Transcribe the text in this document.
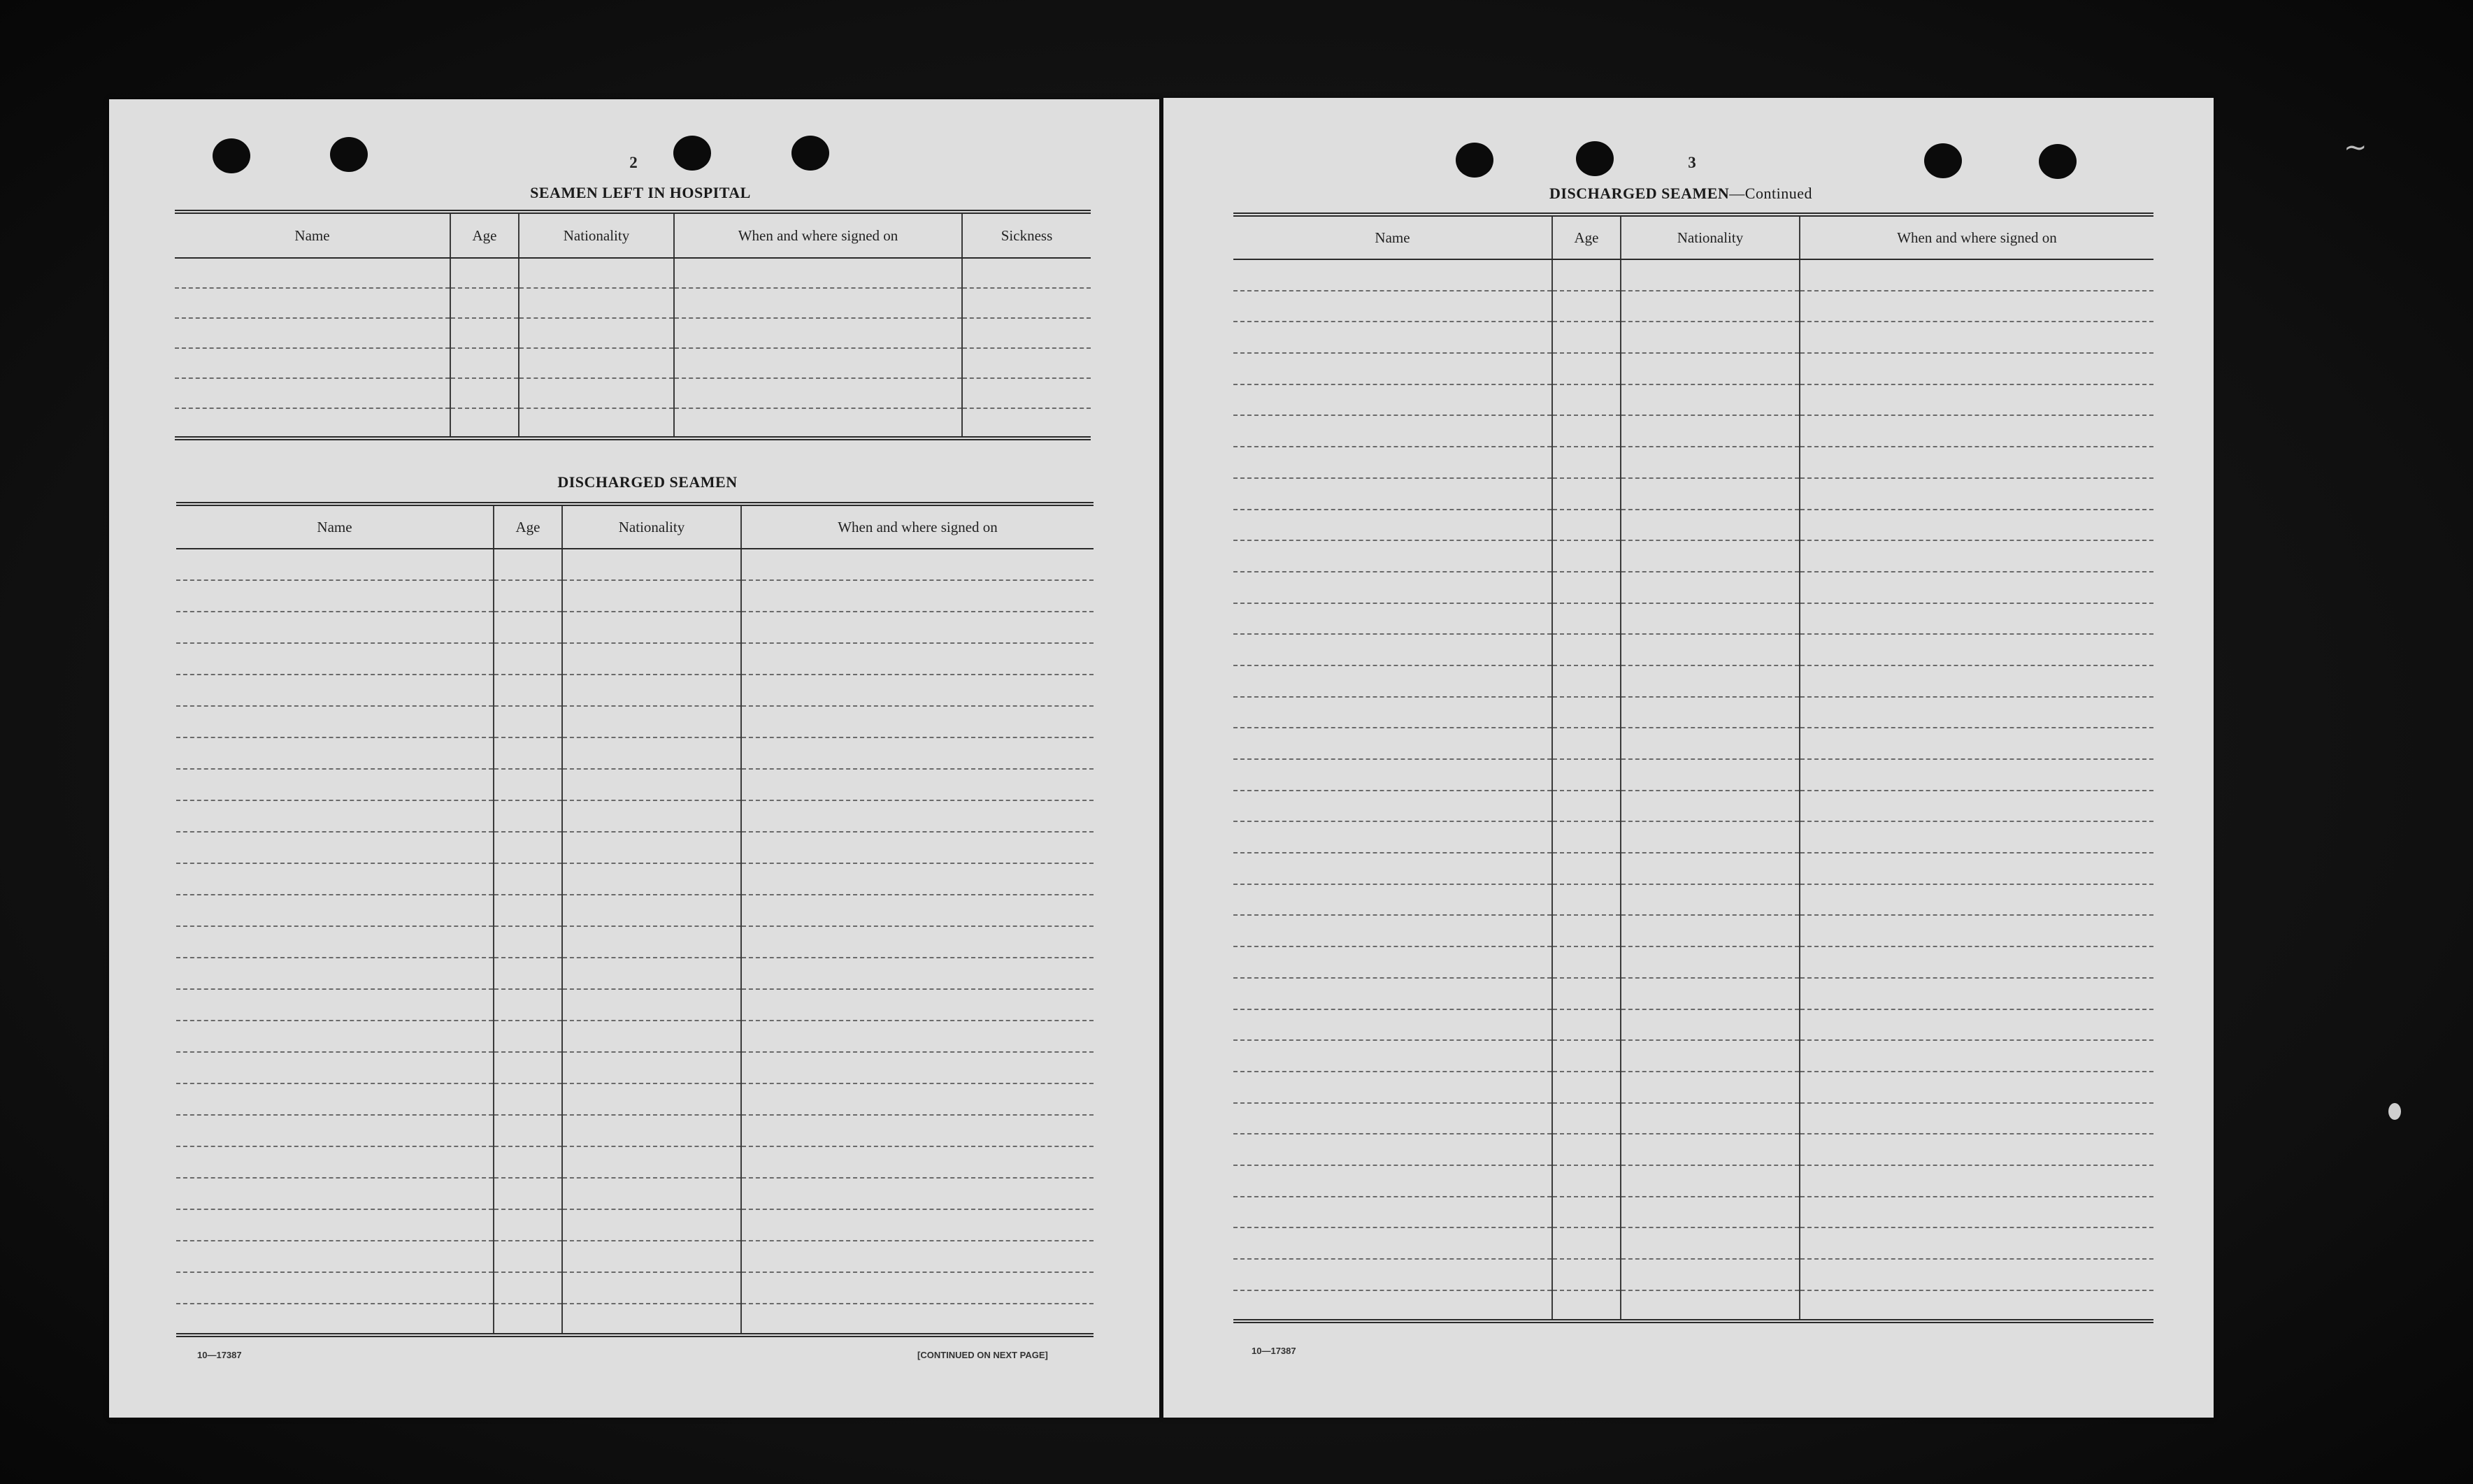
2
SEAMEN LEFT IN HOSPITAL
Name	Age	Nationality	When and where signed on	Sickness

DISCHARGED SEAMEN
Name	Age	Nationality	When and where signed on

10—17387	[CONTINUED ON NEXT PAGE]
3
DISCHARGED SEAMEN—Continued
Name	Age	Nationality	When and where signed on

10—17387
~
